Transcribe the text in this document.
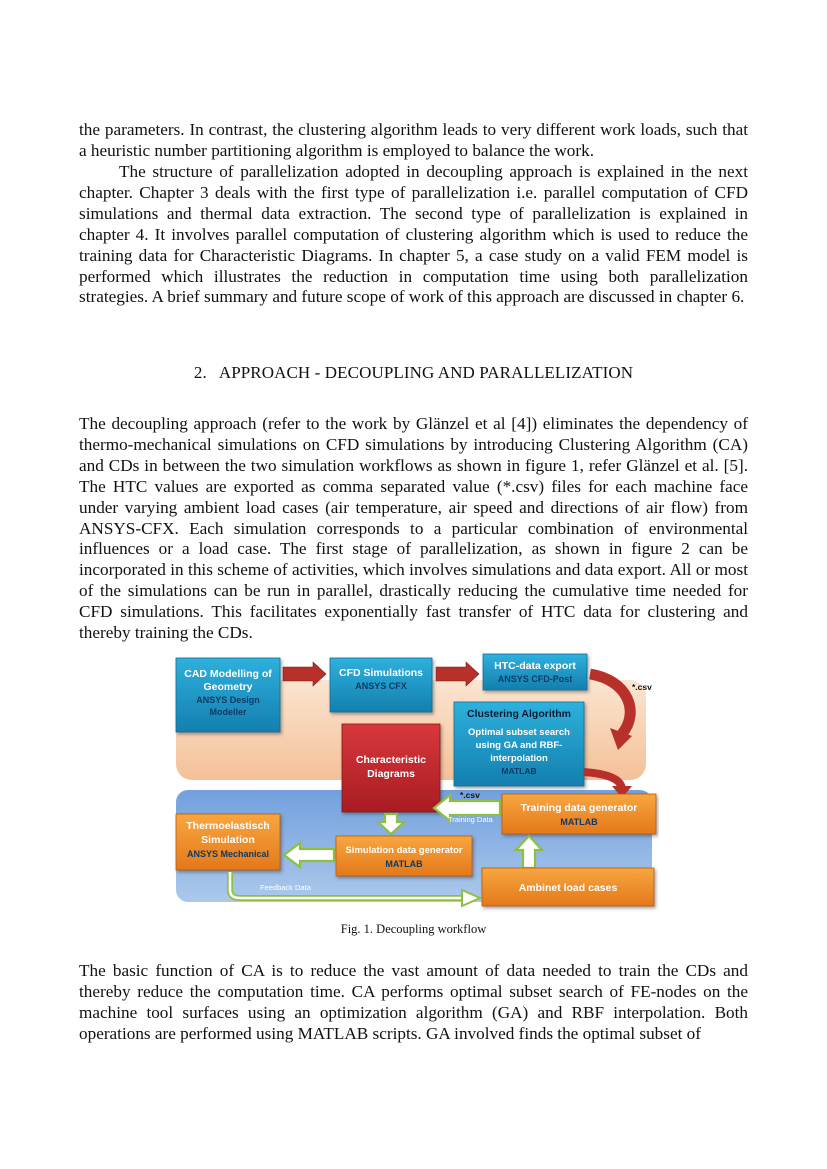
the parameters. In contrast, the clustering algorithm leads to very different work loads, such that a heuristic number partitioning algorithm is employed to balance the work.

The structure of parallelization adopted in decoupling approach is explained in the next chapter. Chapter 3 deals with the first type of parallelization i.e. parallel computation of CFD simulations and thermal data extraction. The second type of parallelization is explained in chapter 4. It involves parallel computation of clustering algorithm which is used to reduce the training data for Characteristic Diagrams. In chapter 5, a case study on a valid FEM model is performed which illustrates the reduction in computation time using both parallelization strategies. A brief summary and future scope of work of this approach are discussed in chapter 6.

2. APPROACH - DECOUPLING AND PARALLELIZATION

The decoupling approach (refer to the work by Glänzel et al [4]) eliminates the dependency of thermo-mechanical simulations on CFD simulations by introducing Clustering Algorithm (CA) and CDs in between the two simulation workflows as shown in figure 1, refer Glänzel et al. [5]. The HTC values are exported as comma separated value (*.csv) files for each machine face under varying ambient load cases (air temperature, air speed and directions of air flow) from ANSYS-CFX. Each simulation corresponds to a particular combination of environmental influences or a load case. The first stage of parallelization, as shown in figure 2 can be incorporated in this scheme of activities, which involves simulations and data export. All or most of the simulations can be run in parallel, drastically reducing the cumulative time needed for CFD simulations. This facilitates exponentially fast transfer of HTC data for clustering and thereby training the CDs.

CAD Modelling of
Geometry
ANSYS Design
Modeller
CFD Simulations
ANSYS CFX
HTC-data export
ANSYS CFD-Post
*.csv
Clustering Algorithm
Optimal subset search
using GA and RBF-
interpolation
MATLAB
Characteristic
Diagrams
*.csv
Training Data
Training data generator
MATLAB
Thermoelastisch
Simulation
ANSYS Mechanical	Simulation data generator
MATLAB
Ambinet load cases
Feedback Data

Fig. 1. Decoupling workflow

The basic function of CA is to reduce the vast amount of data needed to train the CDs and thereby reduce the computation time. CA performs optimal subset search of FE-nodes on the machine tool surfaces using an optimization algorithm (GA) and RBF interpolation. Both operations are performed using MATLAB scripts. GA involved finds the optimal subset of
